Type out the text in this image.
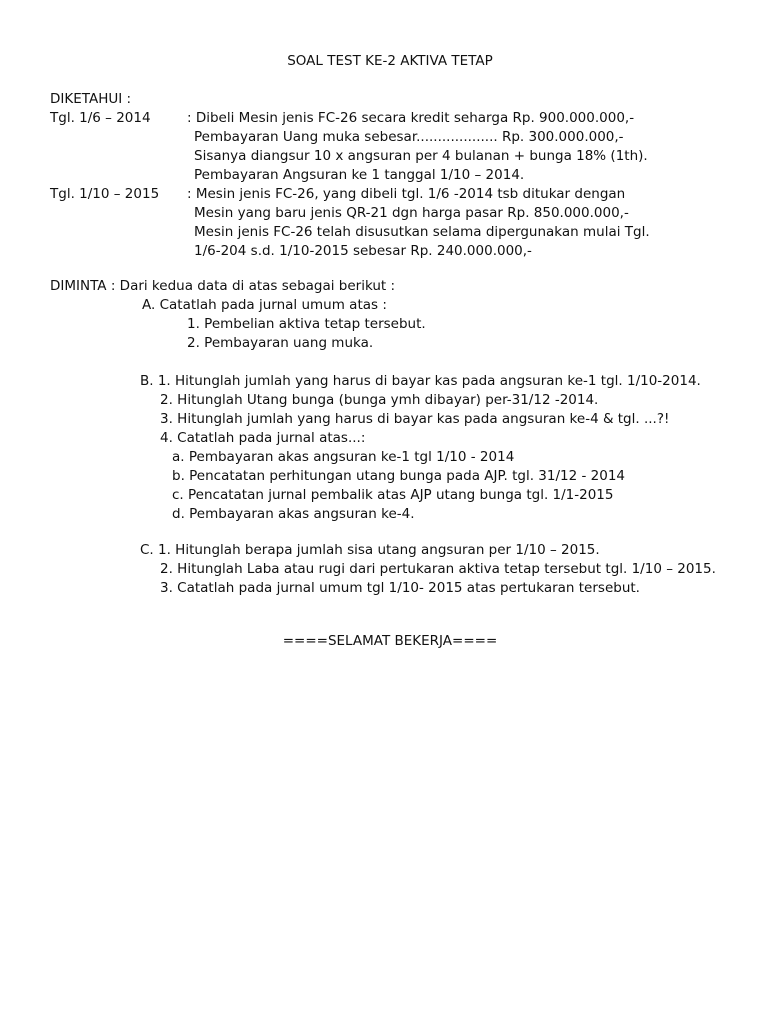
SOAL TEST KE-2 AKTIVA TETAP
DIKETAHUI :
Tgl. 1/6 – 2014	: Dibeli Mesin jenis FC-26 secara kredit seharga Rp. 900.000.000,-
Pembayaran Uang muka sebesar................... Rp. 300.000.000,-
Sisanya diangsur 10 x angsuran per 4 bulanan + bunga 18% (1th).
Pembayaran Angsuran ke 1 tanggal 1/10 – 2014.
Tgl. 1/10 – 2015 : Mesin jenis FC-26, yang dibeli tgl. 1/6 -2014 tsb ditukar dengan
Mesin yang baru jenis QR-21 dgn harga pasar Rp. 850.000.000,-
Mesin jenis FC-26 telah disusutkan selama dipergunakan mulai Tgl.
1/6-204 s.d. 1/10-2015 sebesar Rp. 240.000.000,-
DIMINTA : Dari kedua data di atas sebagai berikut :
A. Catatlah pada jurnal umum atas :
1. Pembelian aktiva tetap tersebut.
2. Pembayaran uang muka.
B. 1. Hitunglah jumlah yang harus di bayar kas pada angsuran ke-1 tgl. 1/10-2014.
2. Hitunglah Utang bunga (bunga ymh dibayar) per-31/12 -2014.
3. Hitunglah jumlah yang harus di bayar kas pada angsuran ke-4 & tgl. ...?!
4. Catatlah pada jurnal atas...:
a. Pembayaran akas angsuran ke-1 tgl 1/10 - 2014
b. Pencatatan perhitungan utang bunga pada AJP. tgl. 31/12 - 2014
c. Pencatatan jurnal pembalik atas AJP utang bunga tgl. 1/1-2015
d. Pembayaran akas angsuran ke-4.
C. 1. Hitunglah berapa jumlah sisa utang angsuran per 1/10 – 2015.
2. Hitunglah Laba atau rugi dari pertukaran aktiva tetap tersebut tgl. 1/10 – 2015.
3. Catatlah pada jurnal umum tgl 1/10- 2015 atas pertukaran tersebut.
====SELAMAT BEKERJA====
